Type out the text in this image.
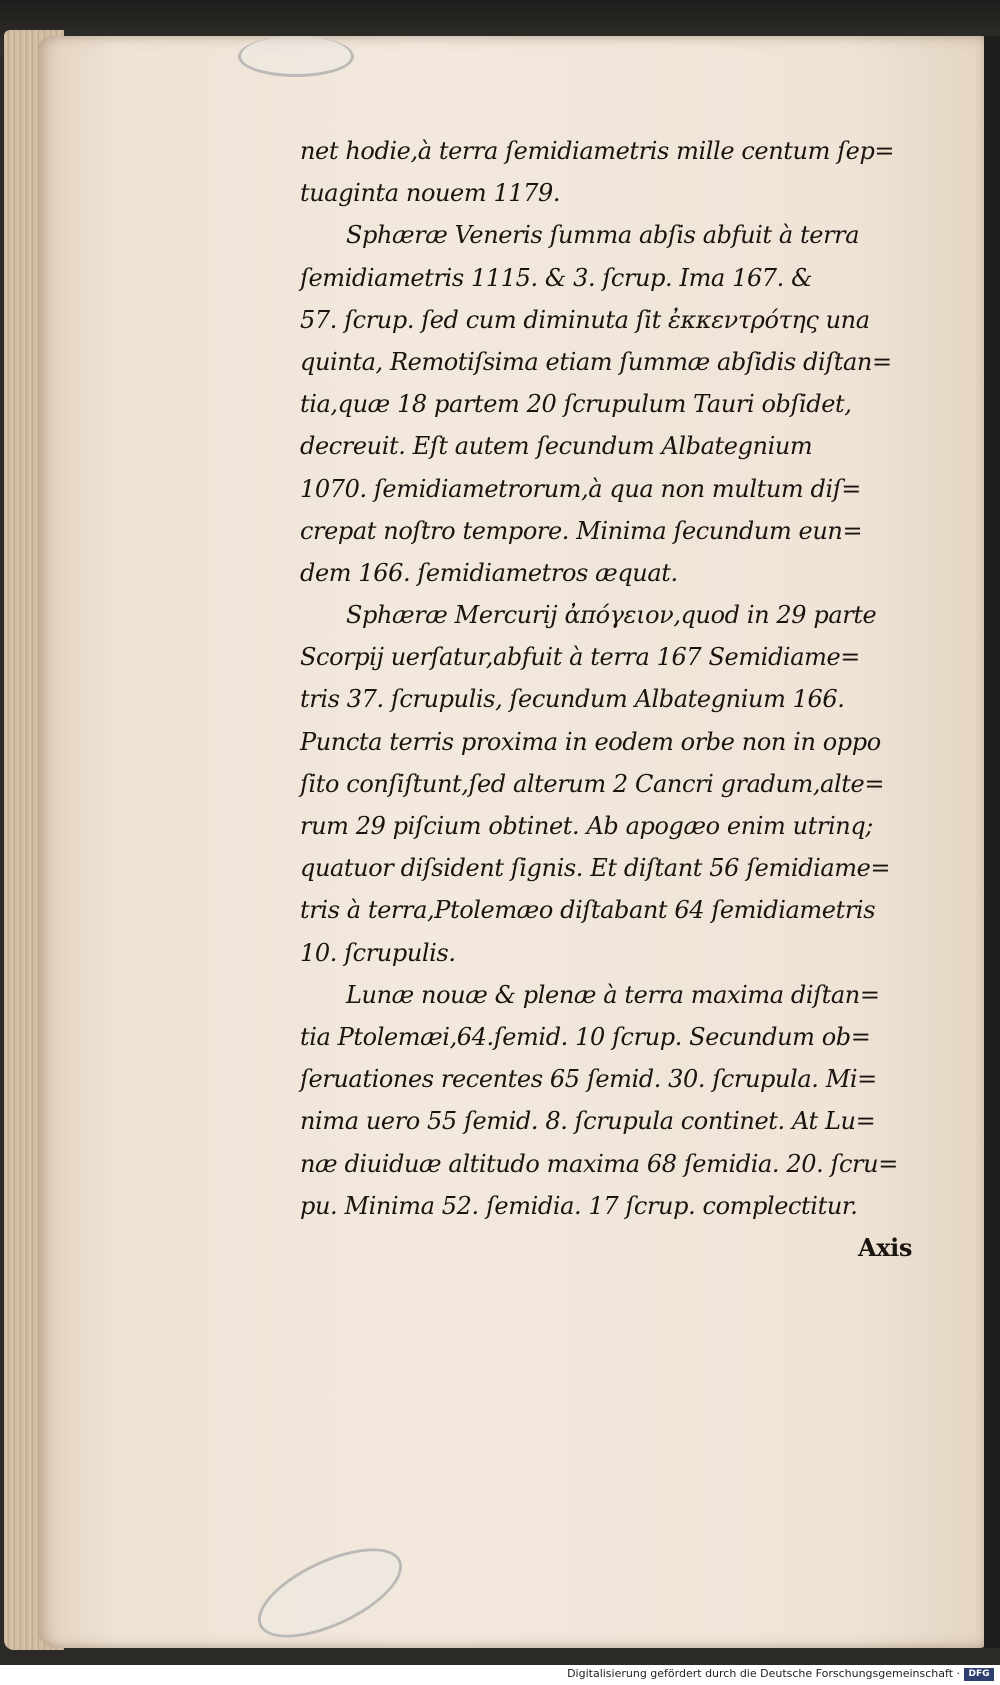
net hodie,à terra ſemidiametris mille centum ſep=
tuaginta nouem 1179.
Sphæræ Veneris ſumma abſis abfuit à terra
ſemidiametris 1115. & 3. ſcrup. Ima 167. &
57. ſcrup. ſed cum diminuta ſit ἐκκεντρότης una
quinta, Remotiſsima etiam ſummæ abſidis diſtan=
tia,quæ 18 partem 20 ſcrupulum Tauri obſidet,
decreuit. Eſt autem ſecundum Albategnium
1070. ſemidiametrorum,à qua non multum diſ=
crepat noſtro tempore. Minima ſecundum eun=
dem 166. ſemidiametros æquat.
Sphæræ Mercurij ἀπόγειον,quod in 29 parte
Scorpij uerſatur,abfuit à terra 167 Semidiame=
tris 37. ſcrupulis, ſecundum Albategnium 166.
Puncta terris proxima in eodem orbe non in oppo
ſito conſiſtunt,ſed alterum 2 Cancri gradum,alte=
rum 29 piſcium obtinet. Ab apogæo enim utrinq;
quatuor diſsident ſignis. Et diſtant 56 ſemidiame=
tris à terra,Ptolemæo diſtabant 64 ſemidiametris
10. ſcrupulis.
Lunæ nouæ & plenæ à terra maxima diſtan=
tia Ptolemæi,64.ſemid. 10 ſcrup. Secundum ob=
ſeruationes recentes 65 ſemid. 30. ſcrupula. Mi=
nima uero 55 ſemid. 8. ſcrupula continet. At Lu=
næ diuiduæ altitudo maxima 68 ſemidia. 20. ſcru=
pu. Minima 52. ſemidia. 17 ſcrup. complectitur.
Axis
Digitalisierung gefördert durch die Deutsche Forschungsgemeinschaft · DFG
